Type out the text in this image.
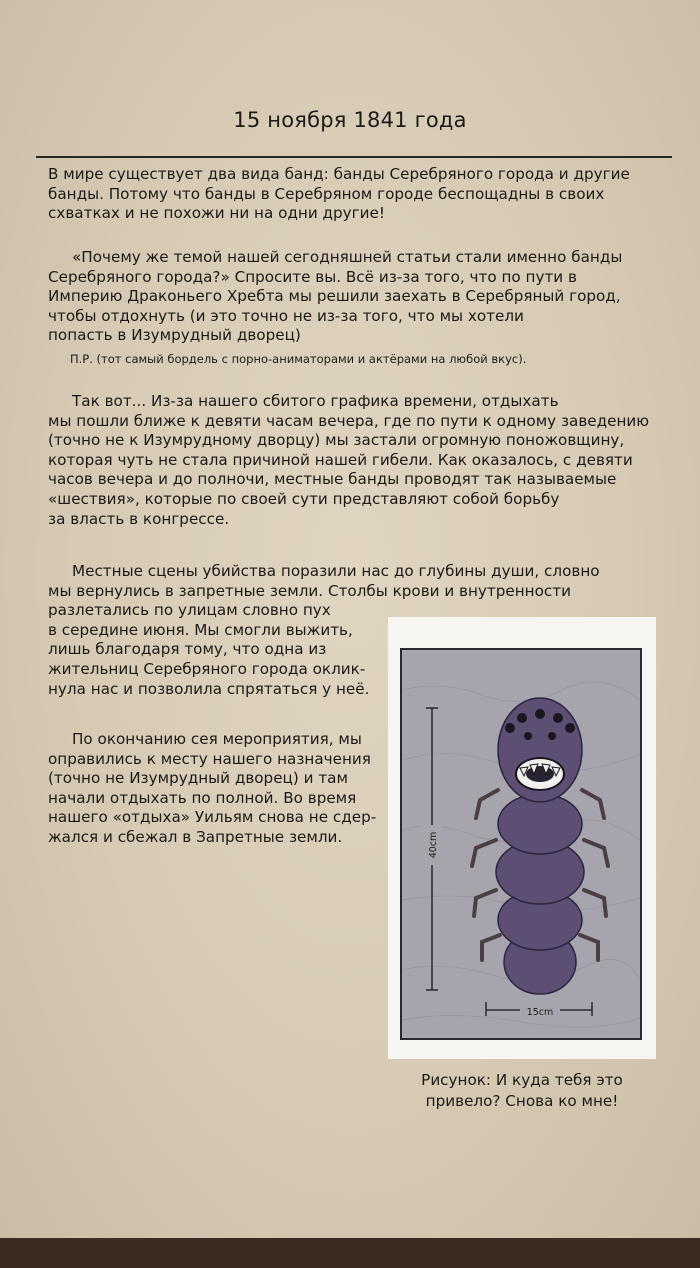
15 ноября 1841 года

В мире существует два вида банд: банды Серебряного города и другие
банды. Потому что банды в Серебряном городе беспощадны в своих
схватках и не похожи ни на одни другие!

«Почему же темой нашей сегодняшней статьи стали именно банды
Серебряного города?» Спросите вы. Всё из-за того, что по пути в
Империю Драконьего Хребта мы решили заехать в Серебряный город,
чтобы отдохнуть (и это точно не из-за того, что мы хотели
попасть в Изумрудный дворец)

П.Р. (тот самый бордель с порно-аниматорами и актёрами на любой вкус).

Так вот... Из-за нашего сбитого графика времени, отдыхать
мы пошли ближе к девяти часам вечера, где по пути к одному заведению
(точно не к Изумрудному дворцу) мы застали огромную поножовщину,
которая чуть не стала причиной нашей гибели. Как оказалось, с девяти
часов вечера и до полночи, местные банды проводят так называемые
«шествия», которые по своей сути представляют собой борьбу
за власть в конгрессе.

Местные сцены убийства поразили нас до глубины души, словно
мы вернулись в запретные земли. Столбы крови и внутренности
разлетались по улицам словно пух
в середине июня. Мы смогли выжить,
лишь благодаря тому, что одна из
жительниц Серебряного города оклик-
нула нас и позволила спрятаться у неё.

По окончанию сея мероприятия, мы
оправились к месту нашего назначения
(точно не Изумрудный дворец) и там
начали отдыхать по полной. Во время
нашего «отдыха» Уильям снова не сдер-
жался и сбежал в Запретные земли.	40cm
15cm
Рисунок: И куда тебя это
привело? Снова ко мне!
